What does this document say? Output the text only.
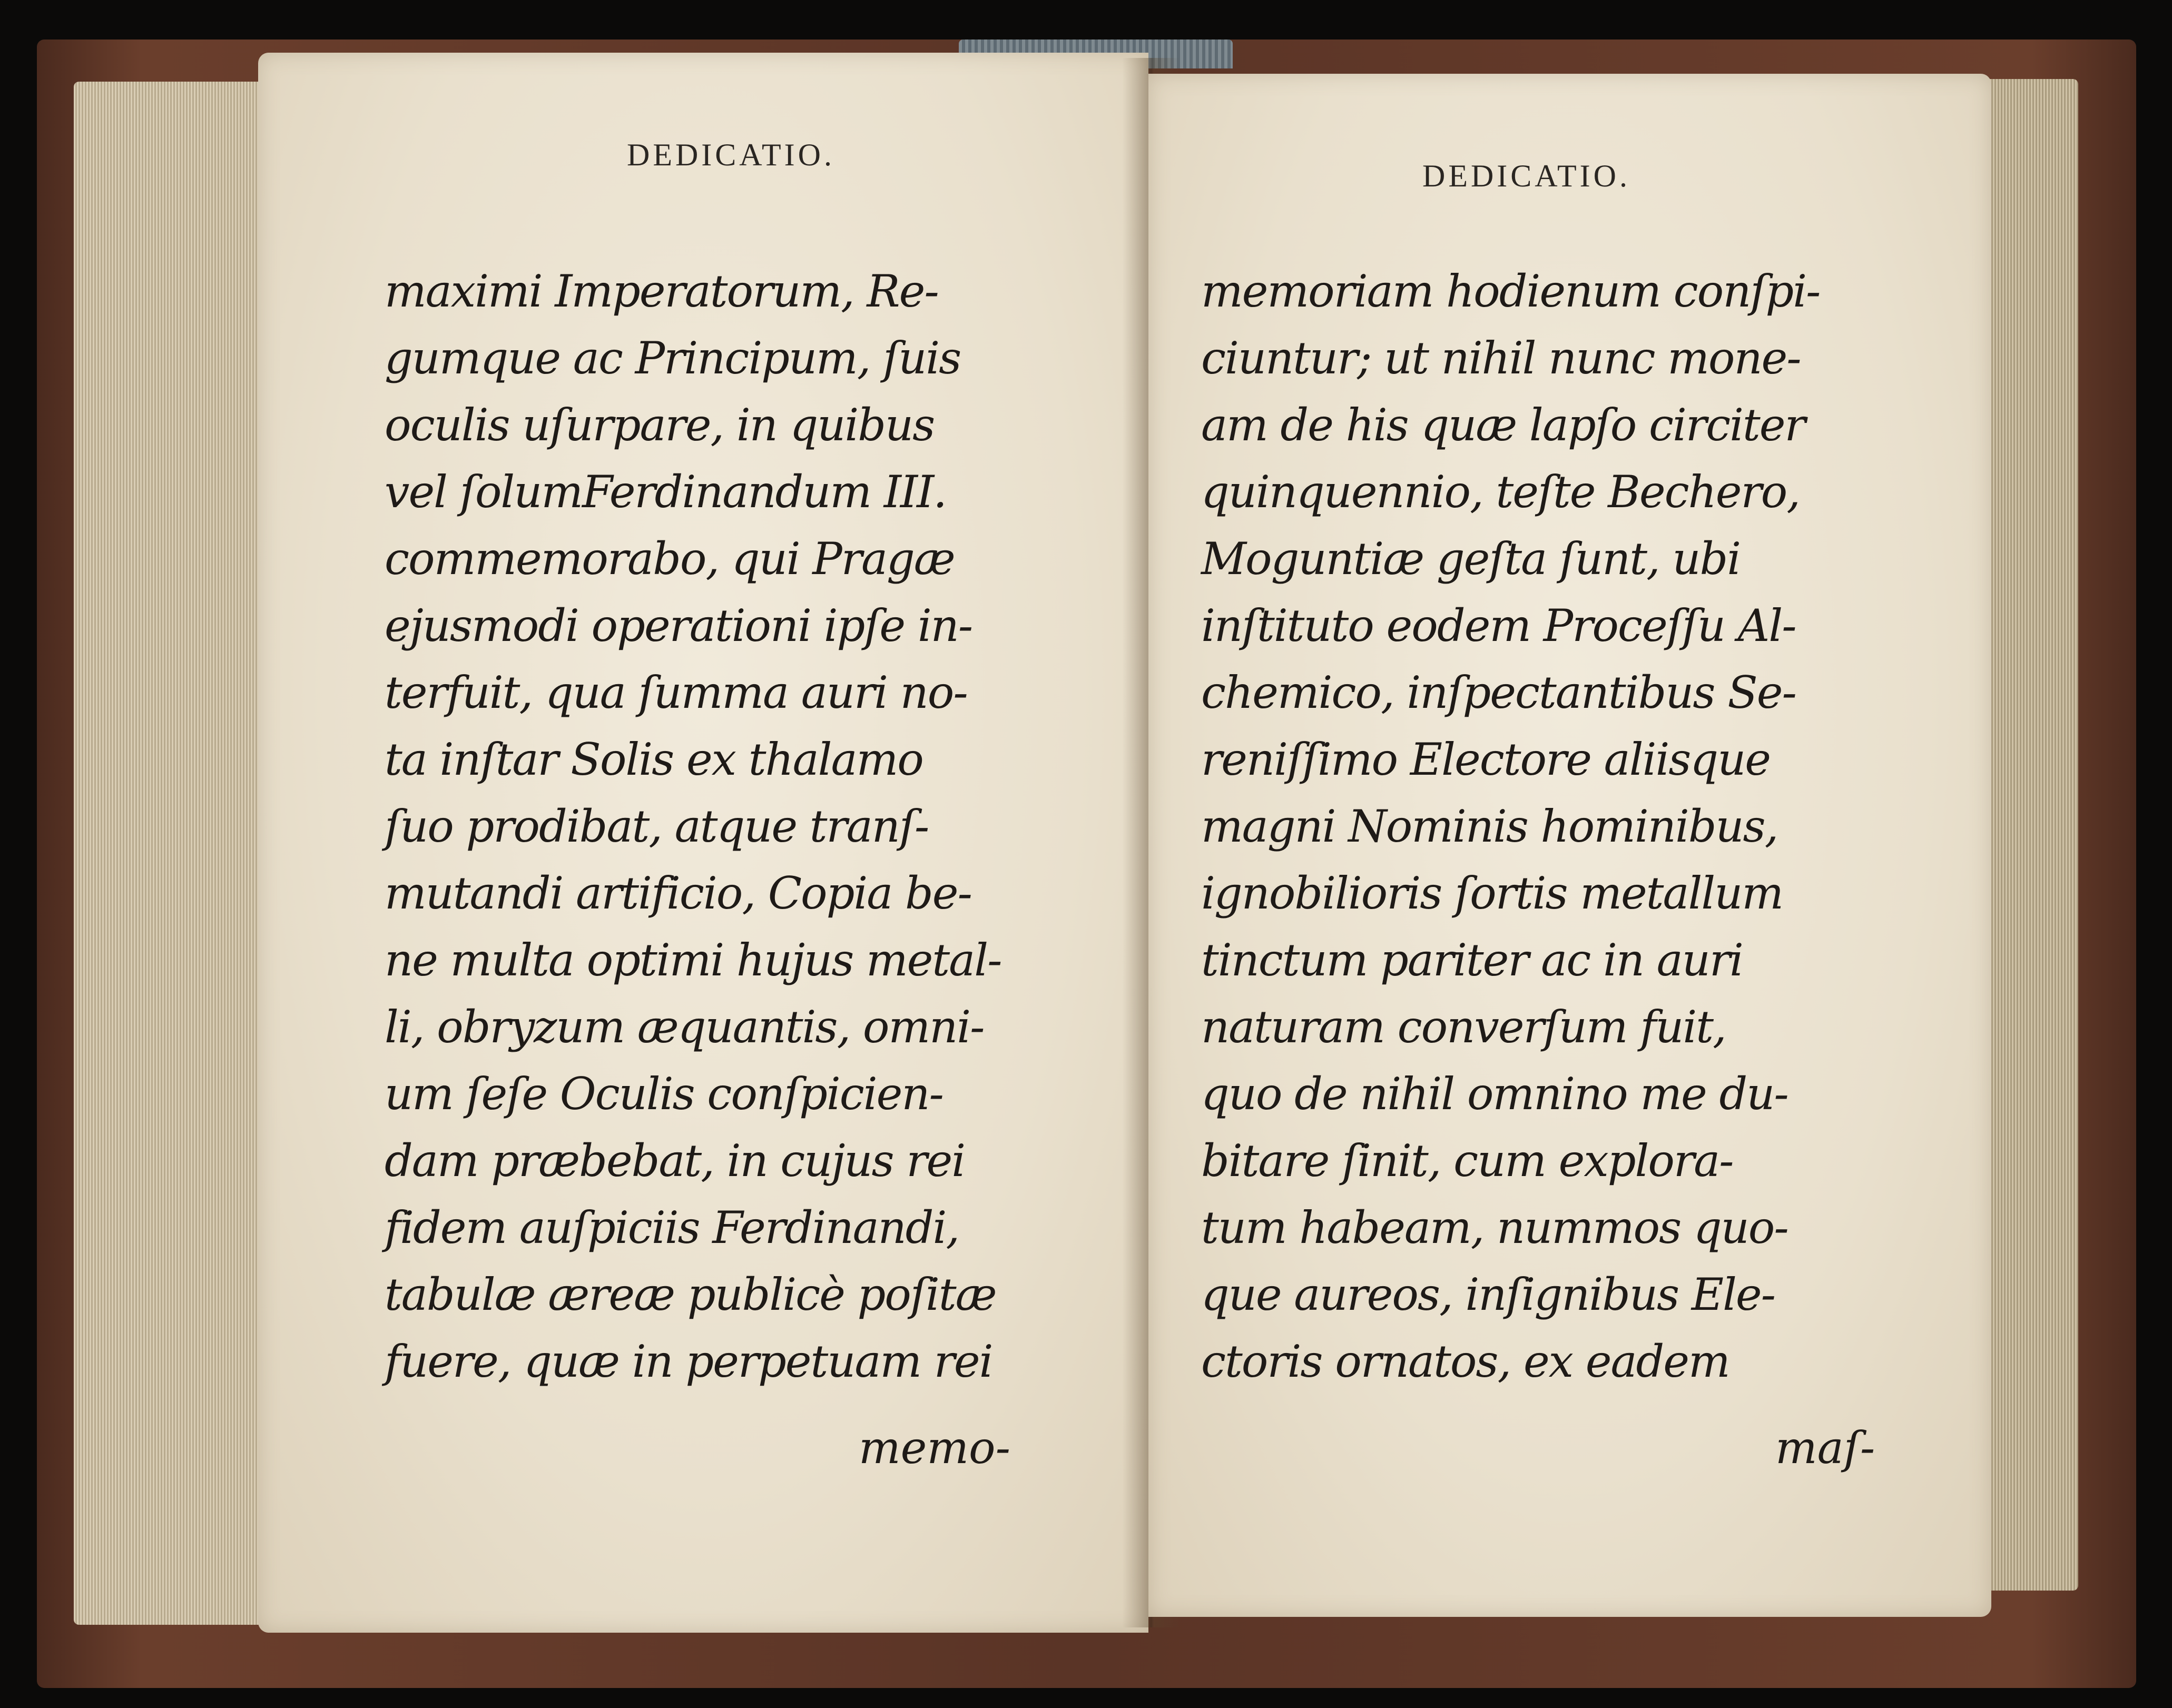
DEDICATIO.
maximi Imperatorum, Re-
gumque ac Principum, ſuis
oculis uſurpare, in quibus
vel ſolumFerdinandum III.
commemorabo, qui Pragæ
ejusmodi operationi ipſe in-
terfuit, qua ſumma auri no-
ta inſtar Solis ex thalamo
ſuo prodibat, atque tranſ-
mutandi artificio, Copia be-
ne multa optimi hujus metal-
li, obryzum æquantis, omni-
um ſeſe Oculis conſpicien-
dam præbebat, in cujus rei
fidem auſpiciis Ferdinandi,
tabulæ æreæ publicè poſitæ
fuere, quæ in perpetuam rei
memo-
DEDICATIO.
memoriam hodienum conſpi-
ciuntur; ut nihil nunc mone-
am de his quæ lapſo circiter
quinquennio, teſte Bechero,
Moguntiæ geſta ſunt, ubi
inſtituto eodem Proceſſu Al-
chemico, inſpectantibus Se-
reniſſimo Electore aliisque
magni Nominis hominibus,
ignobilioris ſortis metallum
tinctum pariter ac in auri
naturam converſum fuit,
quo de nihil omnino me du-
bitare ſinit, cum explora-
tum habeam, nummos quo-
que aureos, inſignibus Ele-
ctoris ornatos, ex eadem
maſ-
